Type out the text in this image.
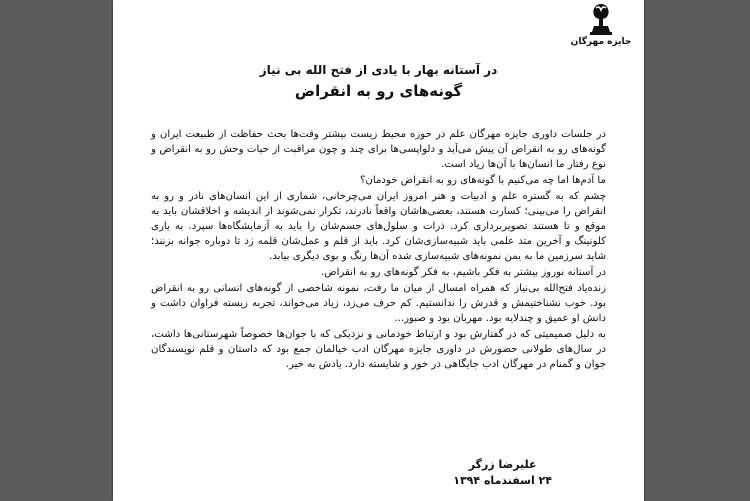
جایزه مهرگان
در آستانه بهار با یادی از فتح الله بی نیاز
گونه‌های رو به انقراض

در جلسات داوری جایزه مهرگان علم در حوزه محیط زیست بیشتر وقت‌ها بحث حفاظت از طبیعت ایران و گونه‌های رو به انقراض آن پیش می‌آید و دلواپسی‌ها برای چند و چون مراقبت از حیات وحش رو به انقراض و نوع رفتار ما انسان‌ها با آن‌ها زیاد است.

ما آدم‌ها اما چه می‌کنیم با گونه‌های رو به انقراض خودمان؟

چشم که به گستره علم و ادبیات و هنر امروز ایران می‌چرخانی، شماری از این انسان‌های نادر و رو به انقراض را می‌بینی؛ کسارت هستند، بعضی‌هاشان واقعاً نادرند، تکرار نمی‌شوند از اندیشه و اخلاقشان باید به موقع و تا هستند تصویربرداری کرد. ذرات و سلول‌های جسم‌شان را باید به آزمایشگاه‌ها سپرد. به یاری کلونینگ و آخرین متد علمی باید شبیه‌سازی‌شان کرد. باید از قلم و عمل‌شان قلمه زد تا دوباره جوانه بزنند؛ شاید سرزمین ما به یمن نمونه‌های شبیه‌سازی شده آن‌ها رنگ و بوی دیگری بیابد.

در آستانه نوروز بیشتر به فکر باشیم، به فکر گونه‌های رو به انقراض.

زنده‌یاد فتح‌الله بی‌نیاز که همراه امسال از میان ما رفت، نمونه شاخصی از گونه‌های انسانی رو به انقراض بود. خوب نشناختیمش و قدرش را ندانستیم. کم حرف می‌زد، زیاد می‌خواند، تجربه زیسته فراوان داشت و دانش او عمیق و چندلایه بود. مهربان بود و صبور...

به دلیل صمیمیتی که در گفتارش بود و ارتباط خودمانی و نزدیکی که با جوان‌ها خصوصاً شهرستانی‌ها داشت، در سال‌های طولانی حضورش در داوری جایزه مهرگان ادب خیالمان جمع بود که داستان و قلم نویسندگان جوان و گمنام در مهرگان ادب جایگاهی در خور و شایسته دارد. یادش به خیر.

علیرضا زرگر
۲۴ اسفندماه ۱۳۹۴
